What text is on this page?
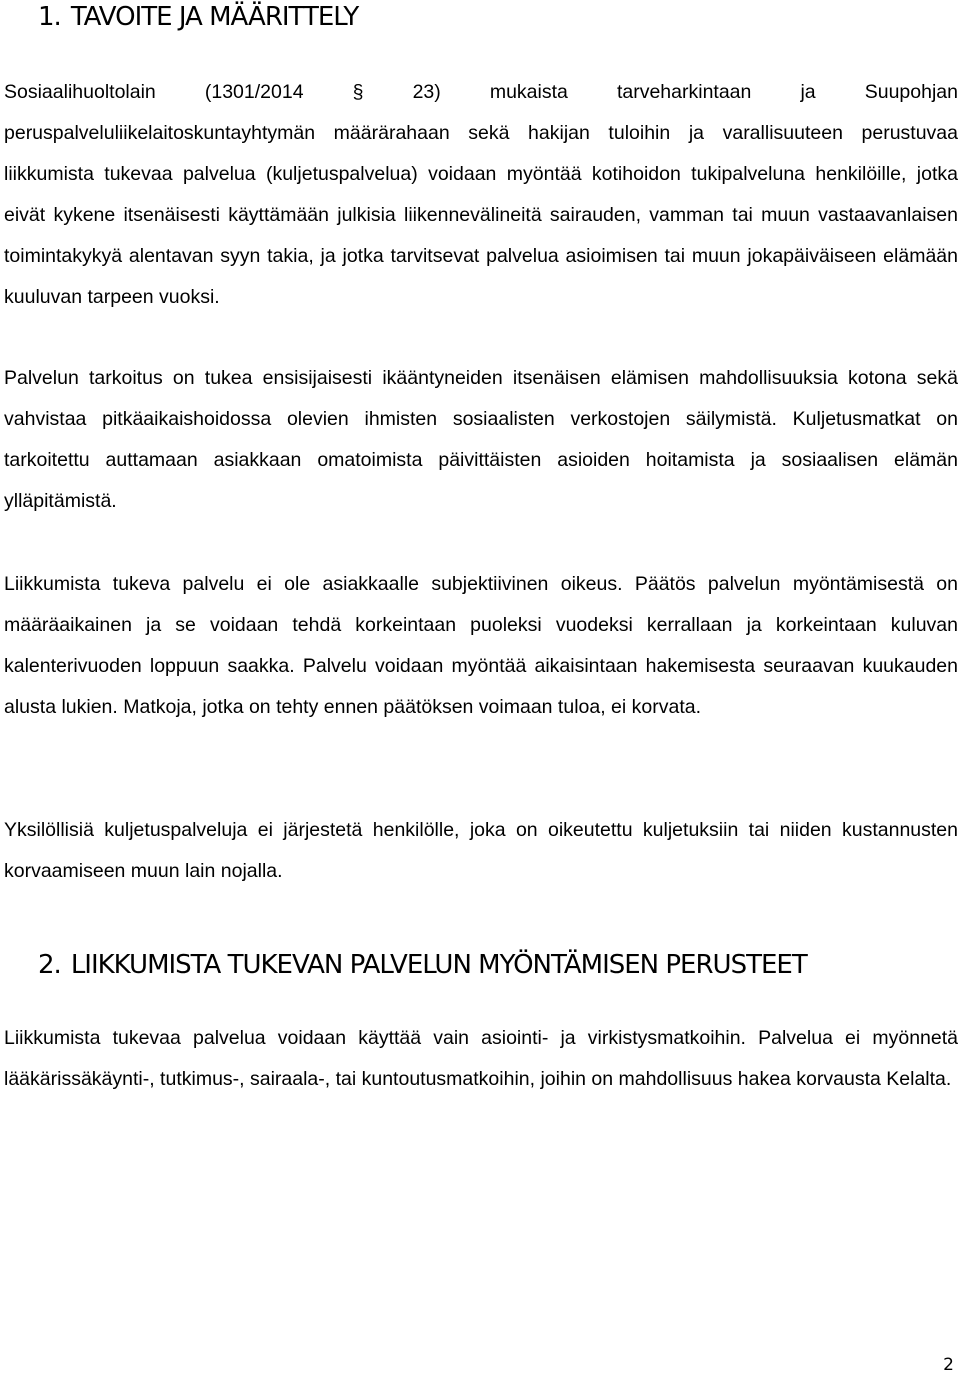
1. TAVOITE JA MÄÄRITTELY

Sosiaalihuoltolain (1301/2014 § 23) mukaista tarveharkintaan ja Suupohjan peruspalveluliikelaitoskuntayhtymän määrärahaan sekä hakijan tuloihin ja varallisuuteen perustuvaa liikkumista tukevaa palvelua (kuljetuspalvelua) voidaan myöntää kotihoidon tukipalveluna henkilöille, jotka eivät kykene itsenäisesti käyttämään julkisia liikennevälineitä sairauden, vamman tai muun vastaavanlaisen toimintakykyä alentavan syyn takia, ja jotka tarvitsevat palvelua asioimisen tai muun jokapäiväiseen elämään kuuluvan tarpeen vuoksi.

Palvelun tarkoitus on tukea ensisijaisesti ikääntyneiden itsenäisen elämisen mahdollisuuksia kotona sekä vahvistaa pitkäaikaishoidossa olevien ihmisten sosiaalisten verkostojen säilymistä. Kuljetusmatkat on tarkoitettu auttamaan asiakkaan omatoimista päivittäisten asioiden hoitamista ja sosiaalisen elämän ylläpitämistä.

Liikkumista tukeva palvelu ei ole asiakkaalle subjektiivinen oikeus. Päätös palvelun myöntämisestä on määräaikainen ja se voidaan tehdä korkeintaan puoleksi vuodeksi kerrallaan ja korkeintaan kuluvan kalenterivuoden loppuun saakka. Palvelu voidaan myöntää aikaisintaan hakemisesta seuraavan kuukauden alusta lukien. Matkoja, jotka on tehty ennen päätöksen voimaan tuloa, ei korvata.

Yksilöllisiä kuljetuspalveluja ei järjestetä henkilölle, joka on oikeutettu kuljetuksiin tai niiden kustannusten korvaamiseen muun lain nojalla.

2. LIIKKUMISTA TUKEVAN PALVELUN MYÖNTÄMISEN PERUSTEET

Liikkumista tukevaa palvelua voidaan käyttää vain asiointi- ja virkistysmatkoihin. Palvelua ei myönnetä lääkärissäkäynti-, tutkimus-, sairaala-, tai kuntoutusmatkoihin, joihin on mahdollisuus hakea korvausta Kelalta.

2
